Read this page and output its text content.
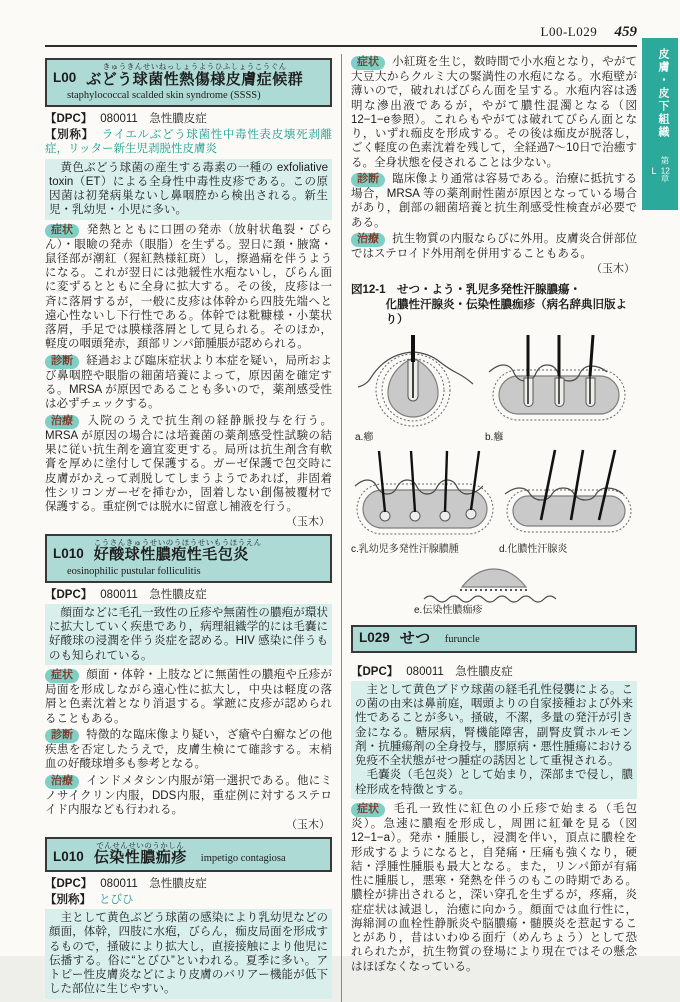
L00-L029 459
皮膚・皮下組織
第12章
L
L00
きゅうきんせいねっしょうようひふしょうこうぐん
ぶどう球菌性熱傷様皮膚症候群
staphylococcal scalded skin syndrome (SSSS)

【DPC】 080011　急性膿皮症

【別称】 ライエルぶどう球菌性中毒性表皮壊死剥離症，リッター新生児剥脱性皮膚炎

黄色ぶどう球菌の産生する毒素の一種の exfoliative toxin（ET）による全身性中毒性皮疹である。この原因菌は初発病巣ないし鼻咽腔から検出される。新生児・乳幼児・小児に多い。

症状 発熱とともに口囲の発赤（放射状亀裂・びらん）・眼瞼の発赤（眼脂）を生ずる。翌日に頚・腋窩・鼠径部が潮紅（猩紅熱様紅斑）し，擦過痛を伴うようになる。これが翌日には弛緩性水疱ないし，びらん面に変ずるとともに全身に拡大する。その後，皮疹は一斉に落屑するが，一般に皮疹は体幹から四肢先端へと遠心性ないし下行性である。体幹では粃糠様・小葉状落屑，手足では膜様落屑として見られる。そのほか，軽度の咽頭発赤，頚部リンパ節腫脹が認められる。

診断 経過および臨床症状より本症を疑い，局所および鼻咽腔や眼脂の細菌培養によって，原因菌を確定する。MRSA が原因であることも多いので，薬剤感受性は必ずチェックする。

治療 入院のうえで抗生剤の経静脈投与を行う。MRSA が原因の場合には培養菌の薬剤感受性試験の結果に従い抗生剤を適宜変更する。局所は抗生剤含有軟膏を厚めに塗付して保護する。ガーゼ保護で包交時に皮膚がかえって剥脱してしまうようであれば，非固着性シリコンガーゼを挿むか，固着しない創傷被覆材で保護する。重症例では脱水に留意し補液を行う。

（玉木）

L010
こうさんきゅうせいのうほうせいもうほうえん
好酸球性膿疱性毛包炎
eosinophilic pustular folliculitis

【DPC】 080011　急性膿皮症

顔面などに毛孔一致性の丘疹や無菌性の膿疱が環状に拡大していく疾患であり，病理組織学的には毛嚢に好酸球の浸潤を伴う炎症を認める。HIV 感染に伴うものも知られている。

症状 顔面・体幹・上肢などに無菌性の膿疱や丘疹が局面を形成しながら遠心性に拡大し，中央は軽度の落屑と色素沈着となり消退する。掌蹠に皮疹が認められることもある。

診断 特徴的な臨床像より疑い，ざ瘡や白癬などの他疾患を否定したうえで，皮膚生検にて確診する。末梢血の好酸球増多も参考となる。

治療 インドメタシン内服が第一選択である。他にミノサイクリン内服，DDS内服，重症例に対するステロイド内服なども行われる。

（玉木）

L010
でんせんせいのうかしん
伝染性膿痂疹 impetigo contagiosa

【DPC】 080011　急性膿皮症

【別称】 とびひ

主として黄色ぶどう球菌の感染により乳幼児などの顔面，体幹，四肢に水疱，びらん，痂皮局面を形成するもので，掻破により拡大し，直接接触により他児に伝播する。俗に“とびひ”といわれる。夏季に多い。アトピー性皮膚炎などにより皮膚のバリアー機能が低下した部位に生じやすい。

症状 小紅斑を生じ，数時間で小水疱となり，やがて大豆大からクルミ大の緊満性の水疱になる。水疱壁が薄いので，破れればびらん面を呈する。水疱内容は透明な滲出液であるが，やがて膿性混濁となる（図12−1−e参照）。これらもやがては破れてびらん面となり，いずれ痂皮を形成する。その後は痂皮が脱落し，ごく軽度の色素沈着を残して，全経過7～10日で治癒する。全身状態を侵されることは少ない。

診断 臨床像より通常は容易である。治療に抵抗する場合，MRSA 等の薬剤耐性菌が原因となっている場合があり，創部の細菌培養と抗生剤感受性検査が必要である。

治療 抗生物質の内服ならびに外用。皮膚炎合併部位ではステロイド外用剤を併用することもある。

（玉木）

図12-1　せつ・よう・乳児多発性汗腺膿瘍・
化膿性汗腺炎・伝染性膿痂疹（病名辞典旧版より）

a.癤	b.癰

c.乳幼児多発性汗腺膿腫	d.化膿性汗腺炎

e.伝染性膿痂疹

L029 せつ furuncle

【DPC】 080011　急性膿皮症

主として黄色ブドウ球菌の経毛孔性侵襲による。この菌の由来は鼻前庭，咽頭よりの自家接種および外来性であることが多い。掻破，不潔，多量の発汗が引き金になる。糖尿病，腎機能障害，副腎皮質ホルモン剤・抗腫瘍剤の全身投与，膠原病・悪性腫瘍における免疫不全状態がせつ腫症の誘因として重視される。

毛嚢炎（毛包炎）として始まり，深部まで侵し，膿栓形成を特徴とする。

症状 毛孔一致性に紅色の小丘疹で始まる（毛包炎）。急速に膿疱を形成し，周囲に紅暈を見る（図12−1−a）。発赤・腫脹し，浸潤を伴い，頂点に膿栓を形成するようになると，自発痛・圧痛も強くなり，硬結・浮腫性腫脹も最大となる。また，リンパ節が有痛性に腫脹し，悪寒・発熱を伴うのもこの時期である。膿栓が排出されると，深い穿孔を生ずるが，疼痛，炎症症状は減退し，治癒に向かう。顔面では血行性に，海綿洞の血栓性静脈炎や脳膿瘍・髄膜炎を惹起することがあり，昔はいわゆる面疔（めんちょう）として恐れられたが，抗生物質の登場により現在ではその懸念はほぼなくなっている。
